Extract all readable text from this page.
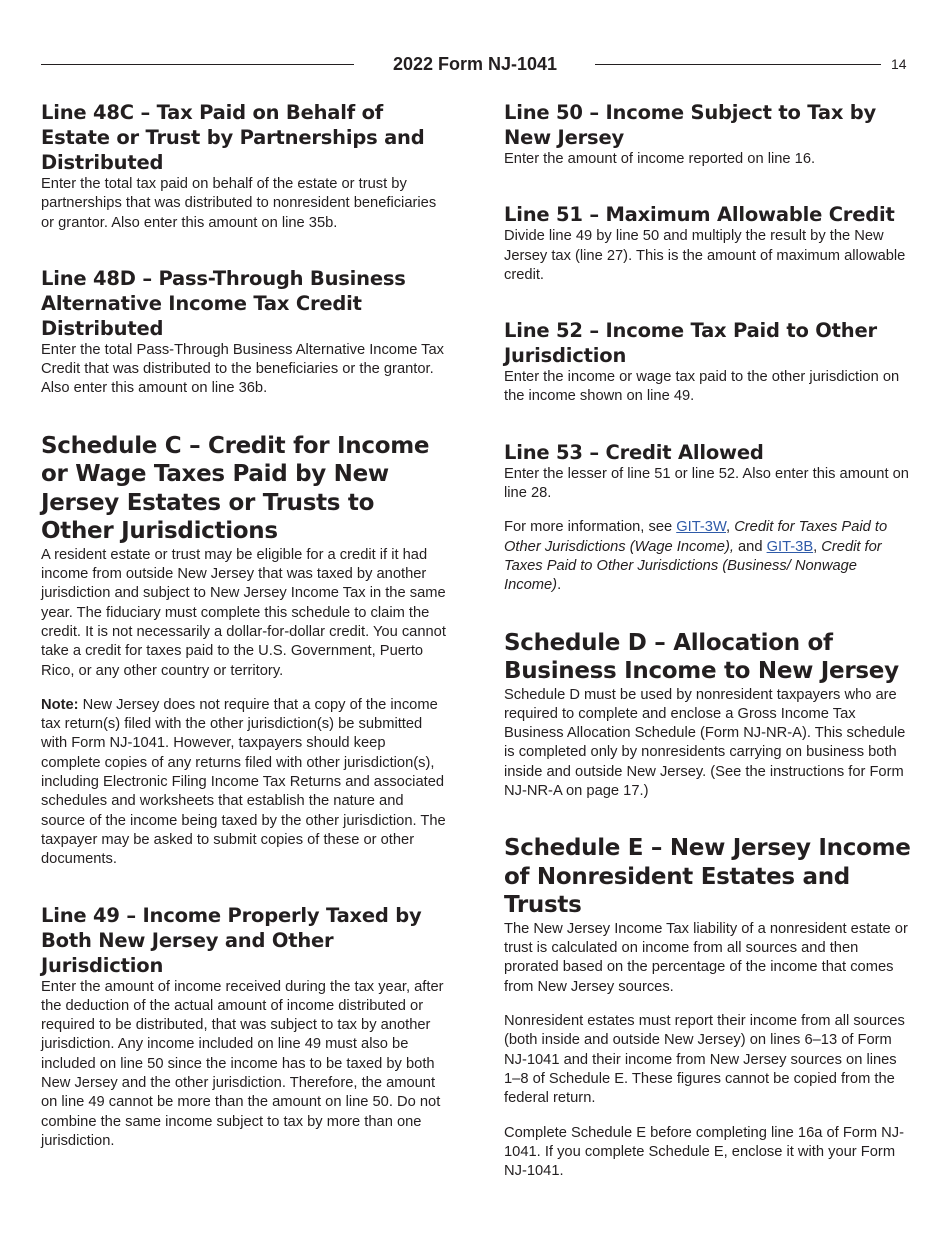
2022 Form NJ-1041	14
Line 48C – Tax Paid on Behalf of Estate or Trust by Partnerships and Distributed

Enter the total tax paid on behalf of the estate or trust by partnerships that was distributed to nonresident beneficiaries or grantor. Also enter this amount on line 35b.

Line 48D – Pass-Through Business Alternative Income Tax Credit Distributed

Enter the total Pass-Through Business Alternative Income Tax Credit that was distributed to the beneficiaries or the grantor. Also enter this amount on line 36b.

Schedule C – Credit for Income or Wage Taxes Paid by New Jersey Estates or Trusts to Other Jurisdictions

A resident estate or trust may be eligible for a credit if it had income from outside New Jersey that was taxed by another jurisdiction and subject to New Jersey Income Tax in the same year. The fiduciary must complete this schedule to claim the credit. It is not necessarily a dollar-for-dollar credit. You cannot take a credit for taxes paid to the U.S. Government, Puerto Rico, or any other country or territory.

Note: New Jersey does not require that a copy of the income tax return(s) filed with the other jurisdiction(s) be submitted with Form NJ-1041. However, taxpayers should keep complete copies of any returns filed with other jurisdiction(s), including Electronic Filing Income Tax Returns and associated schedules and worksheets that establish the nature and source of the income being taxed by the other jurisdiction. The taxpayer may be asked to submit copies of these or other documents.

Line 49 – Income Properly Taxed by Both New Jersey and Other Jurisdiction

Enter the amount of income received during the tax year, after the deduction of the actual amount of income distributed or required to be distributed, that was subject to tax by another jurisdiction. Any income included on line 49 must also be included on line 50 since the income has to be taxed by both New Jersey and the other jurisdiction. Therefore, the amount on line 49 cannot be more than the amount on line 50. Do not combine the same income subject to tax by more than one jurisdiction.

Line 50 – Income Subject to Tax by New Jersey

Enter the amount of income reported on line 16.

Line 51 – Maximum Allowable Credit

Divide line 49 by line 50 and multiply the result by the New Jersey tax (line 27). This is the amount of maximum allowable credit.

Line 52 – Income Tax Paid to Other Jurisdiction

Enter the income or wage tax paid to the other jurisdiction on the income shown on line 49.

Line 53 – Credit Allowed

Enter the lesser of line 51 or line 52. Also enter this amount on line 28.

For more information, see GIT-3W, Credit for Taxes Paid to Other Jurisdictions (Wage Income), and GIT-3B, Credit for Taxes Paid to Other Jurisdictions (Business/ Nonwage Income).

Schedule D – Allocation of Business Income to New Jersey

Schedule D must be used by nonresident taxpayers who are required to complete and enclose a Gross Income Tax Business Allocation Schedule (Form NJ-NR-A). This schedule is completed only by nonresidents carrying on business both inside and outside New Jersey. (See the instructions for Form NJ-NR-A on page 17.)

Schedule E – New Jersey Income of Nonresident Estates and Trusts

The New Jersey Income Tax liability of a nonresident estate or trust is calculated on income from all sources and then prorated based on the percentage of the income that comes from New Jersey sources.

Nonresident estates must report their income from all sources (both inside and outside New Jersey) on lines 6–13 of Form NJ-1041 and their income from New Jersey sources on lines 1–8 of Schedule E. These figures cannot be copied from the federal return.

Complete Schedule E before completing line 16a of Form NJ-1041. If you complete Schedule E, enclose it with your Form NJ-1041.
